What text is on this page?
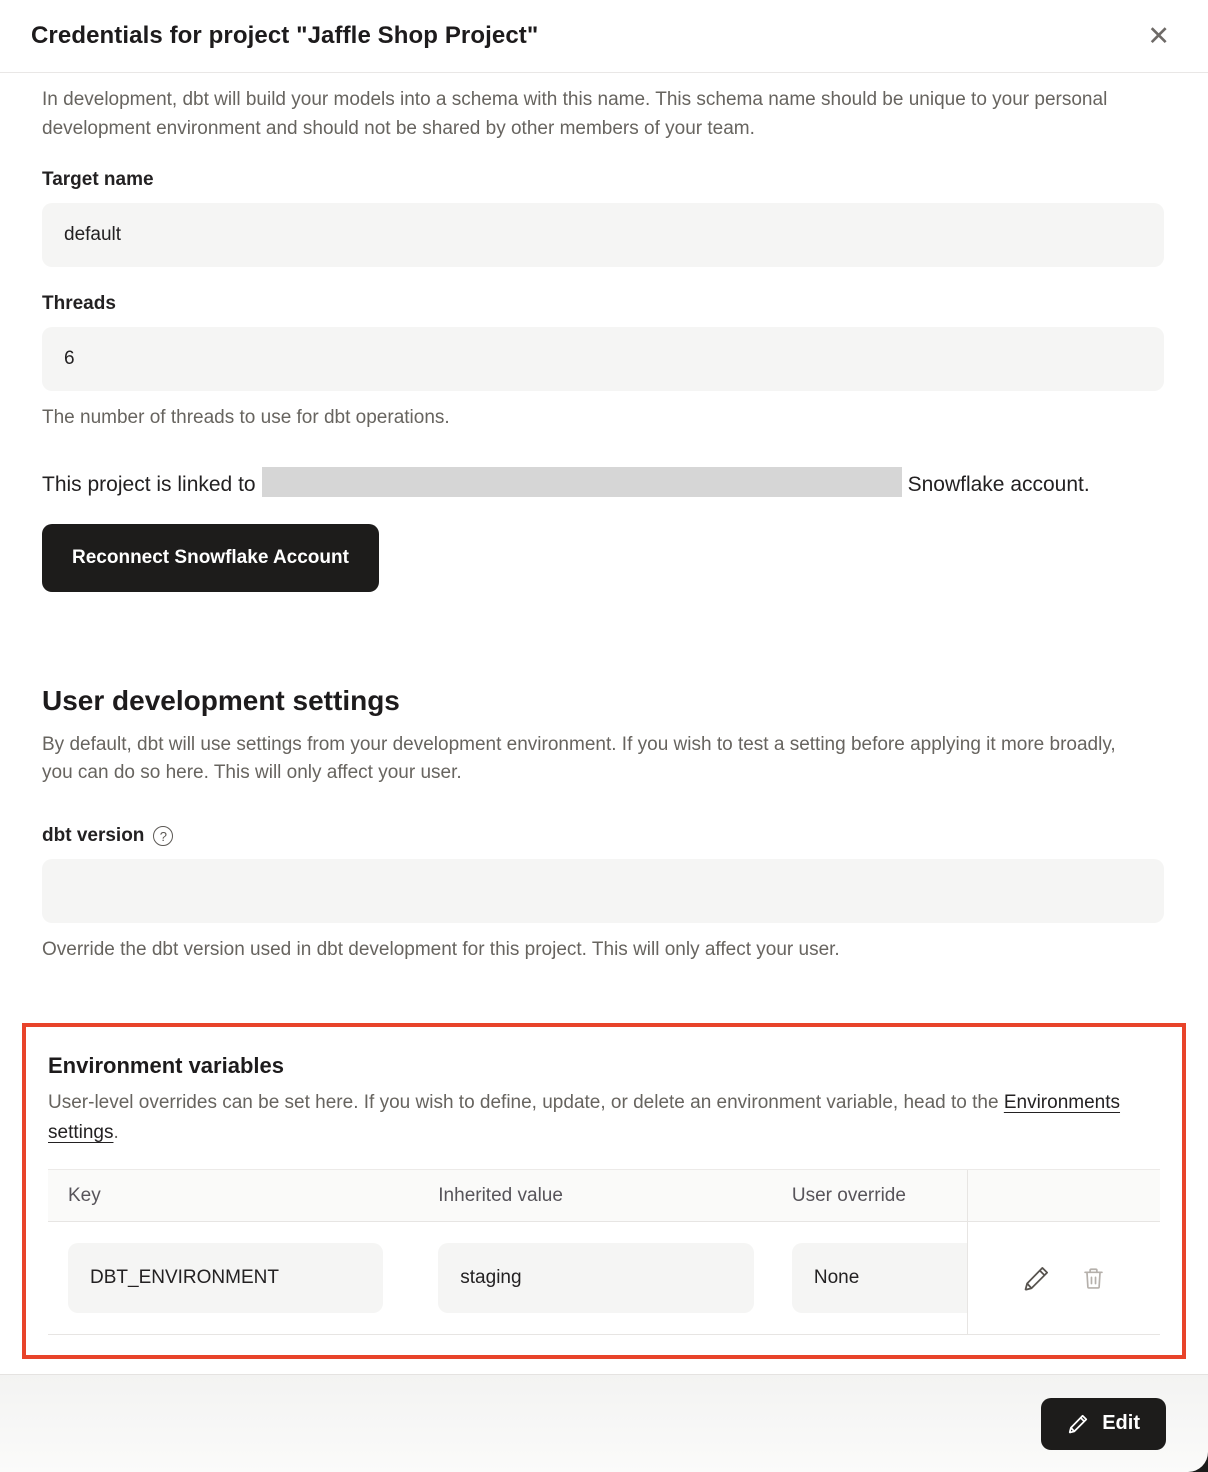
Credentials for project "Jaffle Shop Project"	✕

In development, dbt will build your models into a schema with this name. This schema name should be unique to your personal development environment and should not be shared by other members of your team.

Target name
default
Threads
6

The number of threads to use for dbt operations.

This project is linked to	Snowflake account.

Reconnect Snowflake Account
User development settings

By default, dbt will use settings from your development environment. If you wish to test a setting before applying it more broadly, you can do so here. This will only affect your user.

dbt version	?

Override the dbt version used in dbt development for this project. This will only affect your user.

Environment variables

User-level overrides can be set here. If you wish to define, update, or delete an environment variable, head to the Environments settings.

Key	Inherited value	User override	
DBT_ENVIRONMENT	staging	None	
Edit
